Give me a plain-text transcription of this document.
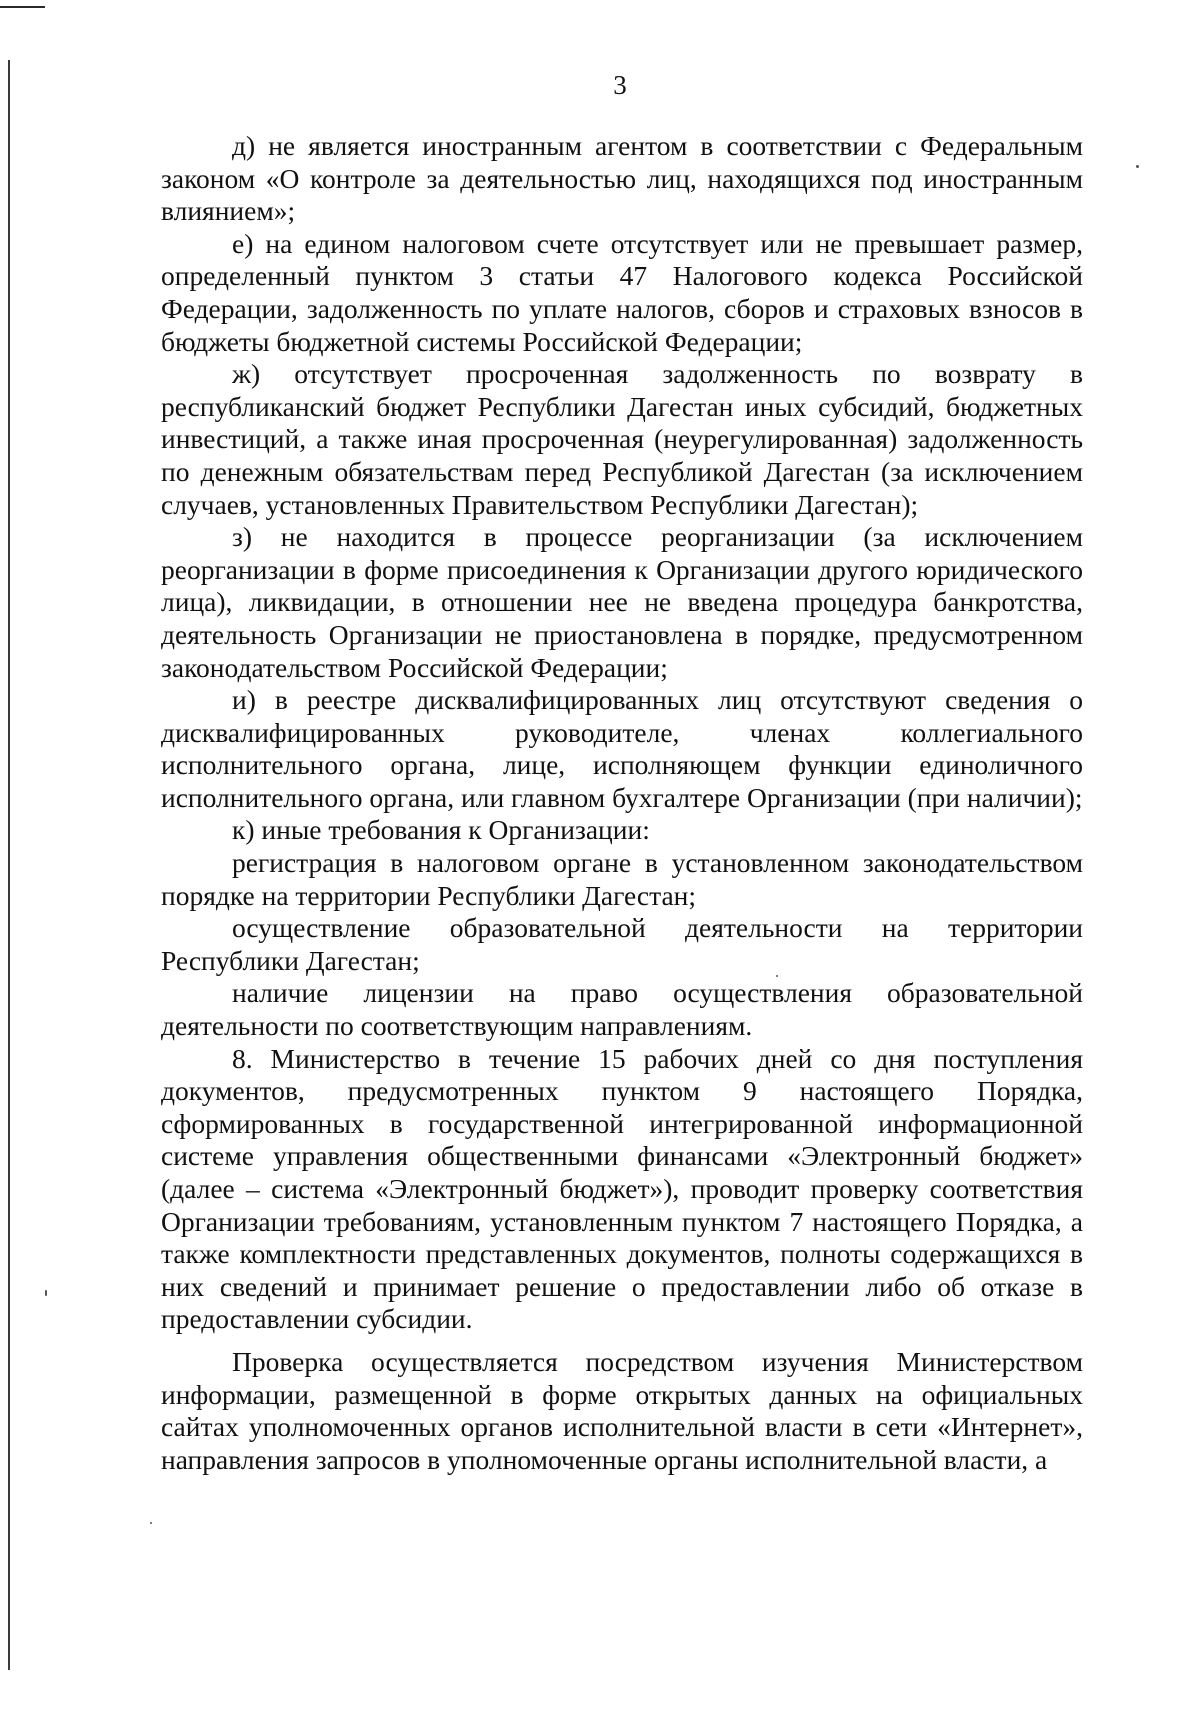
3

д) не является иностранным агентом в соответствии с Федеральным законом «О контроле за деятельностью лиц, находящихся под иностранным влиянием»;

е) на едином налоговом счете отсутствует или не превышает размер, определенный пунктом 3 статьи 47 Налогового кодекса Российской Федерации, задолженность по уплате налогов, сборов и страховых взносов в бюджеты бюджетной системы Российской Федерации;

ж) отсутствует просроченная задолженность по возврату в республиканский бюджет Республики Дагестан иных субсидий, бюджетных инвестиций, а также иная просроченная (неурегулированная) задолженность по денежным обязательствам перед Республикой Дагестан (за исключением случаев, установленных Правительством Республики Дагестан);

з) не находится в процессе реорганизации (за исключением реорганизации в форме присоединения к Организации другого юридического лица), ликвидации, в отношении нее не введена процедура банкротства, деятельность Организации не приостановлена в порядке, предусмотренном законодательством Российской Федерации;

и) в реестре дисквалифицированных лиц отсутствуют сведения о дисквалифицированных руководителе, членах коллегиального исполнительного органа, лице, исполняющем функции единоличного исполнительного органа, или главном бухгалтере Организации (при наличии);

к) иные требования к Организации:

регистрация в налоговом органе в установленном законодательством порядке на территории Республики Дагестан;

осуществление образовательной деятельности на территории Республики Дагестан;

наличие лицензии на право осуществления образовательной деятельности по соответствующим направлениям.

8. Министерство в течение 15 рабочих дней со дня поступления документов, предусмотренных пунктом 9 настоящего Порядка, сформированных в государственной интегрированной информационной системе управления общественными финансами «Электронный бюджет» (далее – система «Электронный бюджет»), проводит проверку соответствия Организации требованиям, установленным пунктом 7 настоящего Порядка, а также комплектности представленных документов, полноты содержащихся в них сведений и принимает решение о предоставлении либо об отказе в предоставлении субсидии.

Проверка осуществляется посредством изучения Министерством информации, размещенной в форме открытых данных на официальных сайтах уполномоченных органов исполнительной власти в сети «Интернет», направления запросов в уполномоченные органы исполнительной власти, а
